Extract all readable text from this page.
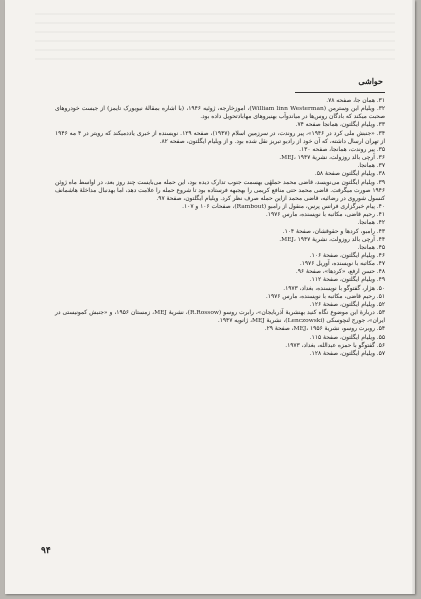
حواشی

۳۱. همان جا، صفحه ۷۸.

۳۲. ویلیام این وسترمن (William linn Westerman)، اموزخارجه، ژوئیه ۱۹۴۶، (با اشاره بمقالهٔ نیویورک تایمز) از جیست خودروهای صحبت میکند که بادگان روس‌ها در میاندوآب بهنیروهای مهابادتحویل داده بود.

۳۳. ویلیام ایگلتون، همانجا صفحه ۷۴.

۳۴. «جنبش ملی کرد در ۱۹۴۶»، پیر روندت، در سرزمین اسلام (۱۹۴۷)، صفحه ۱۲۹. نویسنده از خبری یاددمیکند که رویتر در ۴ مه ۱۹۴۶ از تهران ارسال داشته، که آن خود از رادیو تبریز نقل شده بود. و از ویلیام ایگلتون، صفحه ۸۲.

۳۵. پیر روندت، همانجا، صفحه ۱۳۰.

۳۶. آرچی بالد روزولت، نشریهٔ MEJ، ۱۹۴۷.

۳۷. همانجا.

۳۸. ویلیام ایگلتون صفحهٔ ۵۸.

۳۹. ویلیام ایگلتون می‌نویسد، قاضی محمد حملهٔی بهسمت جنوب تدارک دیده بود، این حمله می‌بایست چند روز بعد، در اواسط ماه ژوئن ۱۹۴۶ صورت میگرفت. قاضی محمد حتی منافع کریمی را بهجبهه فرستاده بود تا شروع حمله را علامت دهد، اما بهدنبال مداخلهٔ هاشمانف کنسول شوروی در رضائیه، قاضی محمد ازاین حمله صرف نظر کرد. ویلیام ایگلتون، صفحهٔ ۹۷.

۴۰. پیام خبرگزاری فرانس پرس، منقول از رامبو (Rambout)، صفحات ۱۰۶ و ۱۰۷.

۴۱. رحیم قاضی، مکاتبه با نویسنده، مارس ۱۹۷۶.

۴۲. همانجا.

۴۳. رامبو، کردها و حقوقشان، صفحهٔ ۱۰۴.

۴۴. آرچی بالد روزولت، نشریهٔ MEJ، ۱۹۴۷.

۴۵. همانجا.

۴۶. ویلیام ایگلتون، صفحهٔ ۱۰۶.

۴۷. مکاتبه با نویسنده، آوریل ۱۹۷۶.

۴۸. حسن ارفع، «کردها»، صفحهٔ ۹۶.

۴۹. ویلیام ایگلتون، صفحهٔ ۱۱۲.

۵۰. هژار، گفتوگو با نویسنده، بغداد، ۱۹۷۳.

۵۱. رحیم قاضی، مکاتبه با نویسنده، مارس ۱۹۷۶.

۵۲. ویلیام ایگلتون، صفحهٔ ۱۲۶.

۵۳. دربارهٔ این موضوع نگاه کنید بهنشریهٔ آذربایجان»، رابرت روسو (R.Rossow)، نشریهٔ MEJ، زمستان ۱۹۵۶، و «جنبش کمونیستی در ایران»، جورج لنچوسکی (Lenczowski)، نشریهٔ MEJ، ژانویه ۱۹۴۷.

۵۴. روبرت روسو، نشریهٔ MEJ، ۱۹۵۶، صفحهٔ ۲۹.

۵۵. ویلیام ایگلتون، صفحهٔ ۱۱۵.

۵۶. گفتوگو با حمزه عبدالله، بغداد، ۱۹۷۳.

۵۷. ویلیام ایگلتون، صفحهٔ ۱۲۸.

۹۴
